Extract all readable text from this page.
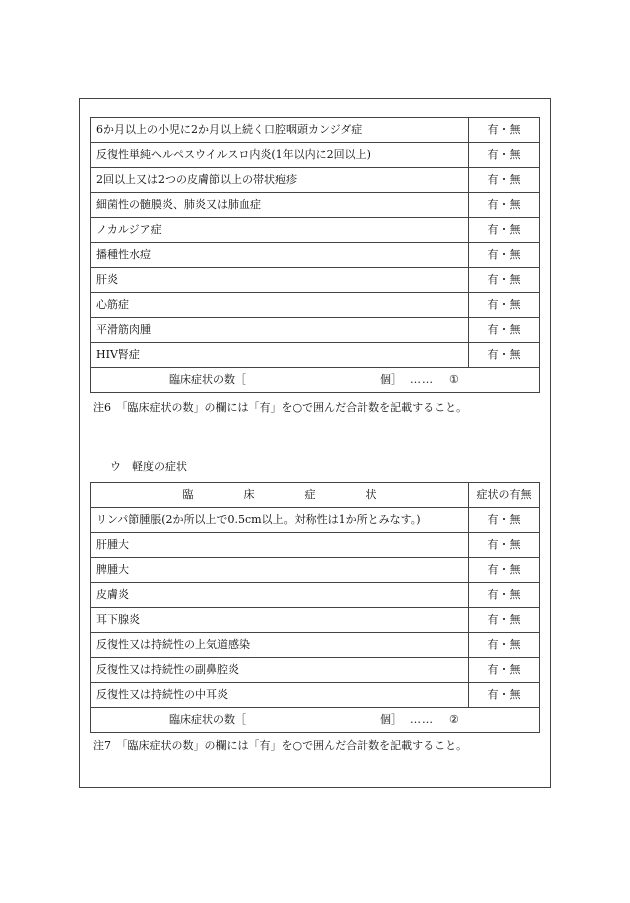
6か月以上の小児に2か月以上続く口腔咽頭カンジダ症	有・無
反復性単純ヘルペスウイルスロ内炎(1年以内に2回以上)	有・無
2回以上又は2つの皮膚節以上の帯状疱疹	有・無
細菌性の髄膜炎、肺炎又は肺血症	有・無
ノカルジア症	有・無
播種性水痘	有・無
肝炎	有・無
心筋症	有・無
平滑筋肉腫	有・無
HIV腎症	有・無

臨床症状の数［ 個］ …… ①	
注6　「臨床症状の数」の欄には「有」を○で囲んだ合計数を記載すること。
ウ　軽度の症状
臨床症状	症状の有無
リンパ節腫脹(2か所以上で0.5cm以上。対称性は1か所とみなす。)	有・無
肝腫大	有・無
脾腫大	有・無
皮膚炎	有・無
耳下腺炎	有・無
反復性又は持続性の上気道感染	有・無
反復性又は持続性の副鼻腔炎	有・無
反復性又は持続性の中耳炎	有・無

臨床症状の数［ 個］ …… ②	
注7　「臨床症状の数」の欄には「有」を○で囲んだ合計数を記載すること。
